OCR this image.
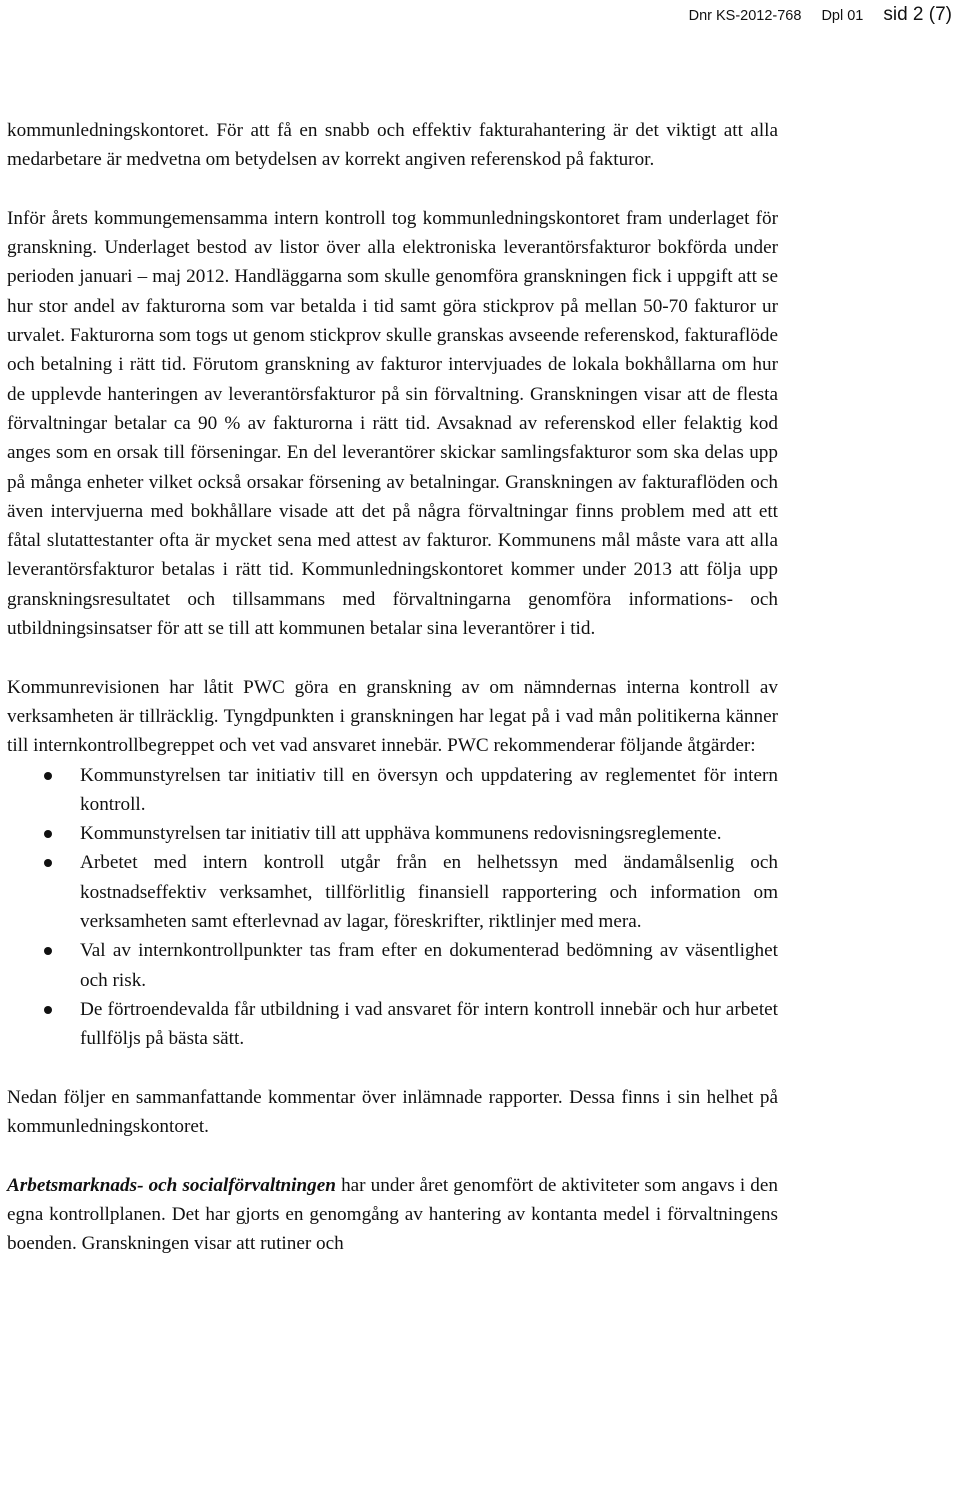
Dnr KS-2012-768 Dpl 01 sid 2 (7)

kommunledningskontoret. För att få en snabb och effektiv fakturahantering är det viktigt att alla medarbetare är medvetna om betydelsen av korrekt angiven referenskod på fakturor.

Inför årets kommungemensamma intern kontroll tog kommunledningskontoret fram underlaget för granskning. Underlaget bestod av listor över alla elektroniska leverantörsfakturor bokförda under perioden januari – maj 2012. Handläggarna som skulle genomföra granskningen fick i uppgift att se hur stor andel av fakturorna som var betalda i tid samt göra stickprov på mellan 50-70 fakturor ur urvalet. Fakturorna som togs ut genom stickprov skulle granskas avseende referenskod, fakturaflöde och betalning i rätt tid. Förutom granskning av fakturor intervjuades de lokala bokhållarna om hur de upplevde hanteringen av leverantörsfakturor på sin förvaltning. Granskningen visar att de flesta förvaltningar betalar ca 90 % av fakturorna i rätt tid. Avsaknad av referenskod eller felaktig kod anges som en orsak till förseningar. En del leverantörer skickar samlingsfakturor som ska delas upp på många enheter vilket också orsakar försening av betalningar. Granskningen av fakturaflöden och även intervjuerna med bokhållare visade att det på några förvaltningar finns problem med att ett fåtal slutattestanter ofta är mycket sena med attest av fakturor. Kommunens mål måste vara att alla leverantörsfakturor betalas i rätt tid. Kommunledningskontoret kommer under 2013 att följa upp granskningsresultatet och tillsammans med förvaltningarna genomföra informations- och utbildningsinsatser för att se till att kommunen betalar sina leverantörer i tid.

Kommunrevisionen har låtit PWC göra en granskning av om nämndernas interna kontroll av verksamheten är tillräcklig. Tyngdpunkten i granskningen har legat på i vad mån politikerna känner till internkontrollbegreppet och vet vad ansvaret innebär. PWC rekommenderar följande åtgärder:

Kommunstyrelsen tar initiativ till en översyn och uppdatering av reglementet för intern kontroll.
Kommunstyrelsen tar initiativ till att upphäva kommunens redovisningsreglemente.
Arbetet med intern kontroll utgår från en helhetssyn med ändamålsenlig och kostnadseffektiv verksamhet, tillförlitlig finansiell rapportering och information om verksamheten samt efterlevnad av lagar, föreskrifter, riktlinjer med mera.
Val av internkontrollpunkter tas fram efter en dokumenterad bedömning av väsentlighet och risk.
De förtroendevalda får utbildning i vad ansvaret för intern kontroll innebär och hur arbetet fullföljs på bästa sätt.

Nedan följer en sammanfattande kommentar över inlämnade rapporter. Dessa finns i sin helhet på kommunledningskontoret.

Arbetsmarknads- och socialförvaltningen har under året genomfört de aktiviteter som angavs i den egna kontrollplanen. Det har gjorts en genomgång av hantering av kontanta medel i förvaltningens boenden. Granskningen visar att rutiner och
